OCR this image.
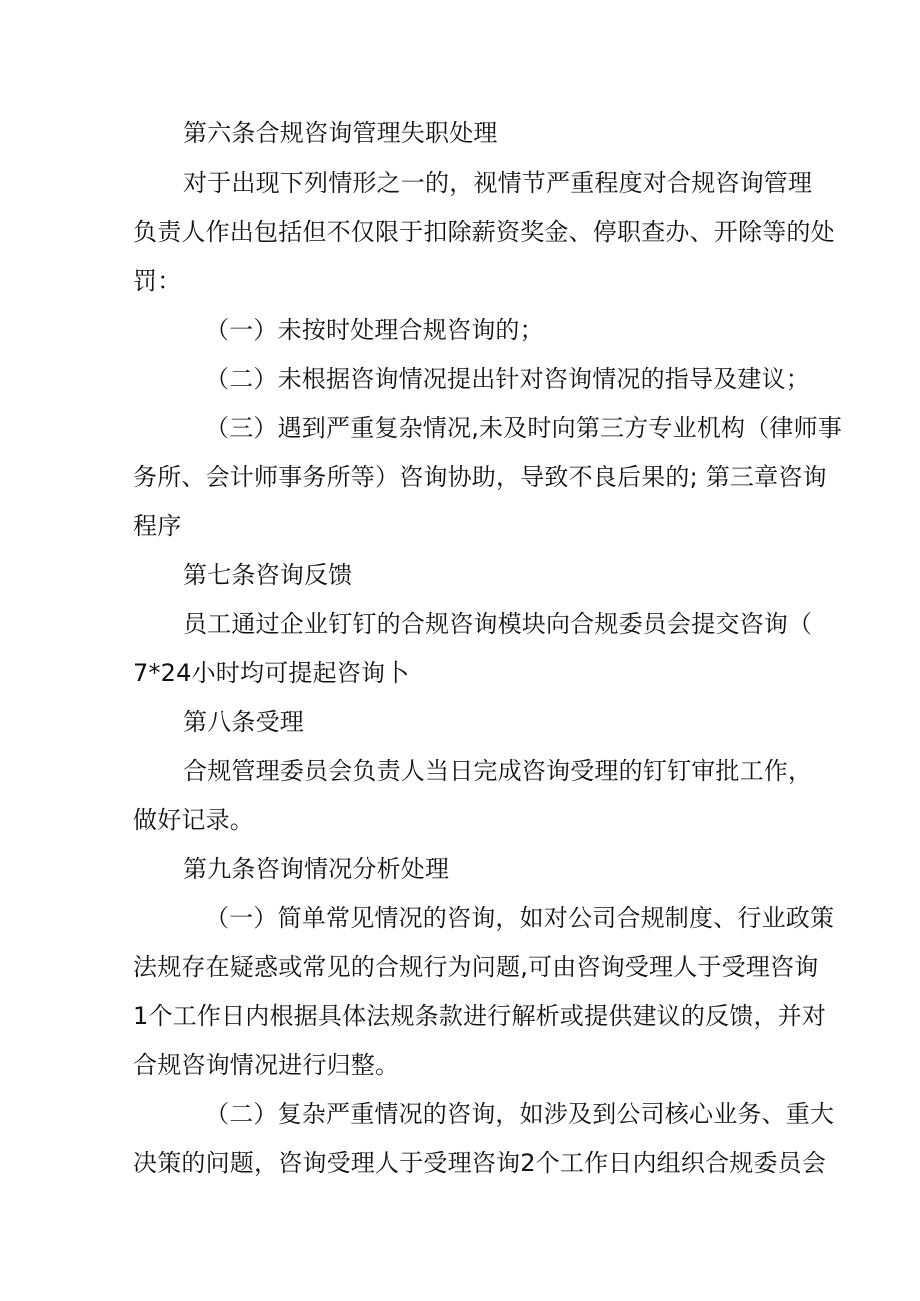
第六条合规咨询管理失职处理
对于出现下列情形之一的，视情节严重程度对合规咨询管理
负责人作出包括但不仅限于扣除薪资奖金、停职查办、开除等的处
罚：
（一）未按时处理合规咨询的；
（二）未根据咨询情况提出针对咨询情况的指导及建议；
（三）遇到严重复杂情况,未及时向第三方专业机构（律师事
务所、会计师事务所等）咨询协助，导致不良后果的; 第三章咨询
程序
第七条咨询反馈
员工通过企业钉钉的合规咨询模块向合规委员会提交咨询（
7*24小时均可提起咨询卜
第八条受理
合规管理委员会负责人当日完成咨询受理的钉钉审批工作，
做好记录。
第九条咨询情况分析处理
（一）简单常见情况的咨询，如对公司合规制度、行业政策
法规存在疑惑或常见的合规行为问题,可由咨询受理人于受理咨询
1个工作日内根据具体法规条款进行解析或提供建议的反馈，并对
合规咨询情况进行归整。
（二）复杂严重情况的咨询，如涉及到公司核心业务、重大
决策的问题，咨询受理人于受理咨询2个工作日内组织合规委员会
